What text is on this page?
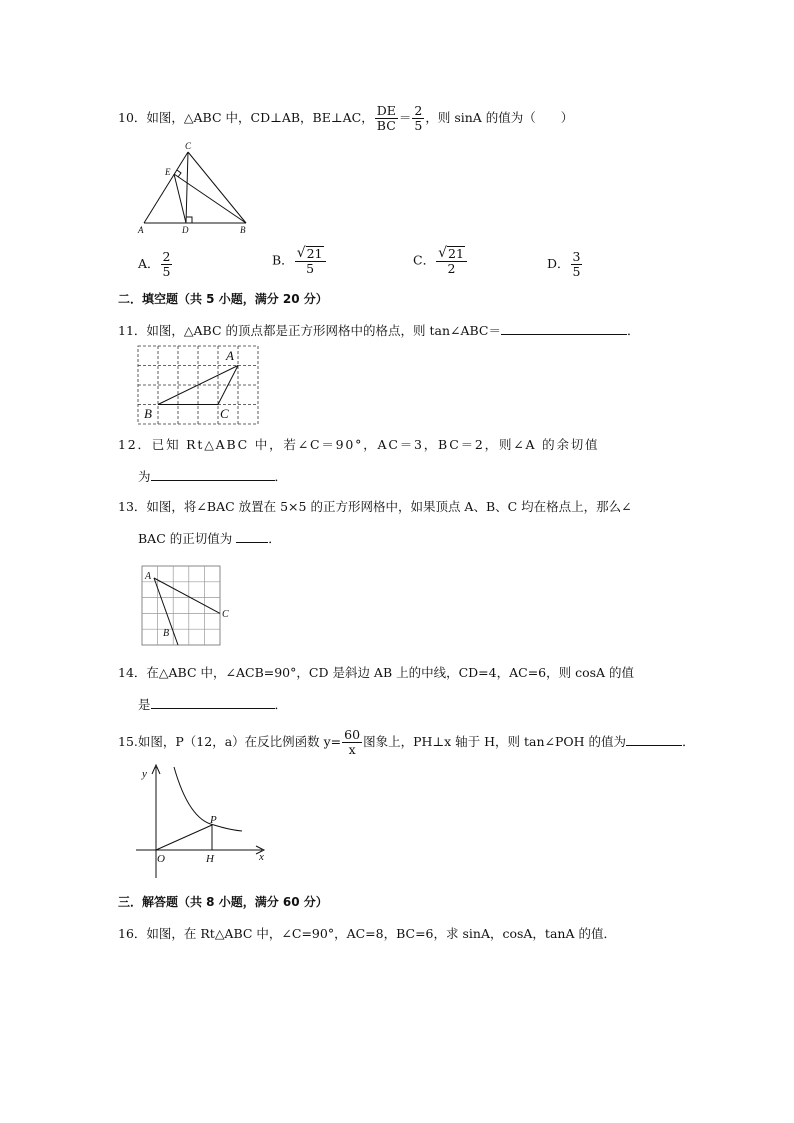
10．如图，△ABC 中，CD⊥AB，BE⊥AC， $\frac{DE}{BC} = \frac{2}{5}$ ，则 sinA 的值为（　　）
C
E
A	D	B
A． $\frac{2}{5}$	B． $\frac{√ 21}{5}$	C． $\frac{√ 21}{2}$	D． $\frac{3}{5}$
二．填空题（共 5 小题，满分 20 分）
11．如图，△ABC 的顶点都是正方形网格中的格点，则 tan∠ABC＝	．
A
B	C
12．已知 Rt△ABC 中，若∠C＝90°，AC＝3，BC＝2，则∠A 的余切值
为	．
13．如图，将∠BAC 放置在 5×5 的正方形网格中，如果顶点 A、B、C 均在格点上，那么∠
BAC 的正切值为	．
A
C
B
14．在△ABC 中，∠ACB=90°，CD 是斜边 AB 上的中线，CD=4，AC=6，则 cosA 的值
是	．
15.如图，P（12，a）在反比例函数 $y= \frac{60}{x}$ 图象上，PH⊥x 轴于 H，则 tan∠POH 的值为	．
y
P
O	H	x
三．解答题（共 8 小题，满分 60 分）
16．如图，在 Rt△ABC 中，∠C=90°，AC=8，BC=6，求 sinA，cosA，tanA 的值．
